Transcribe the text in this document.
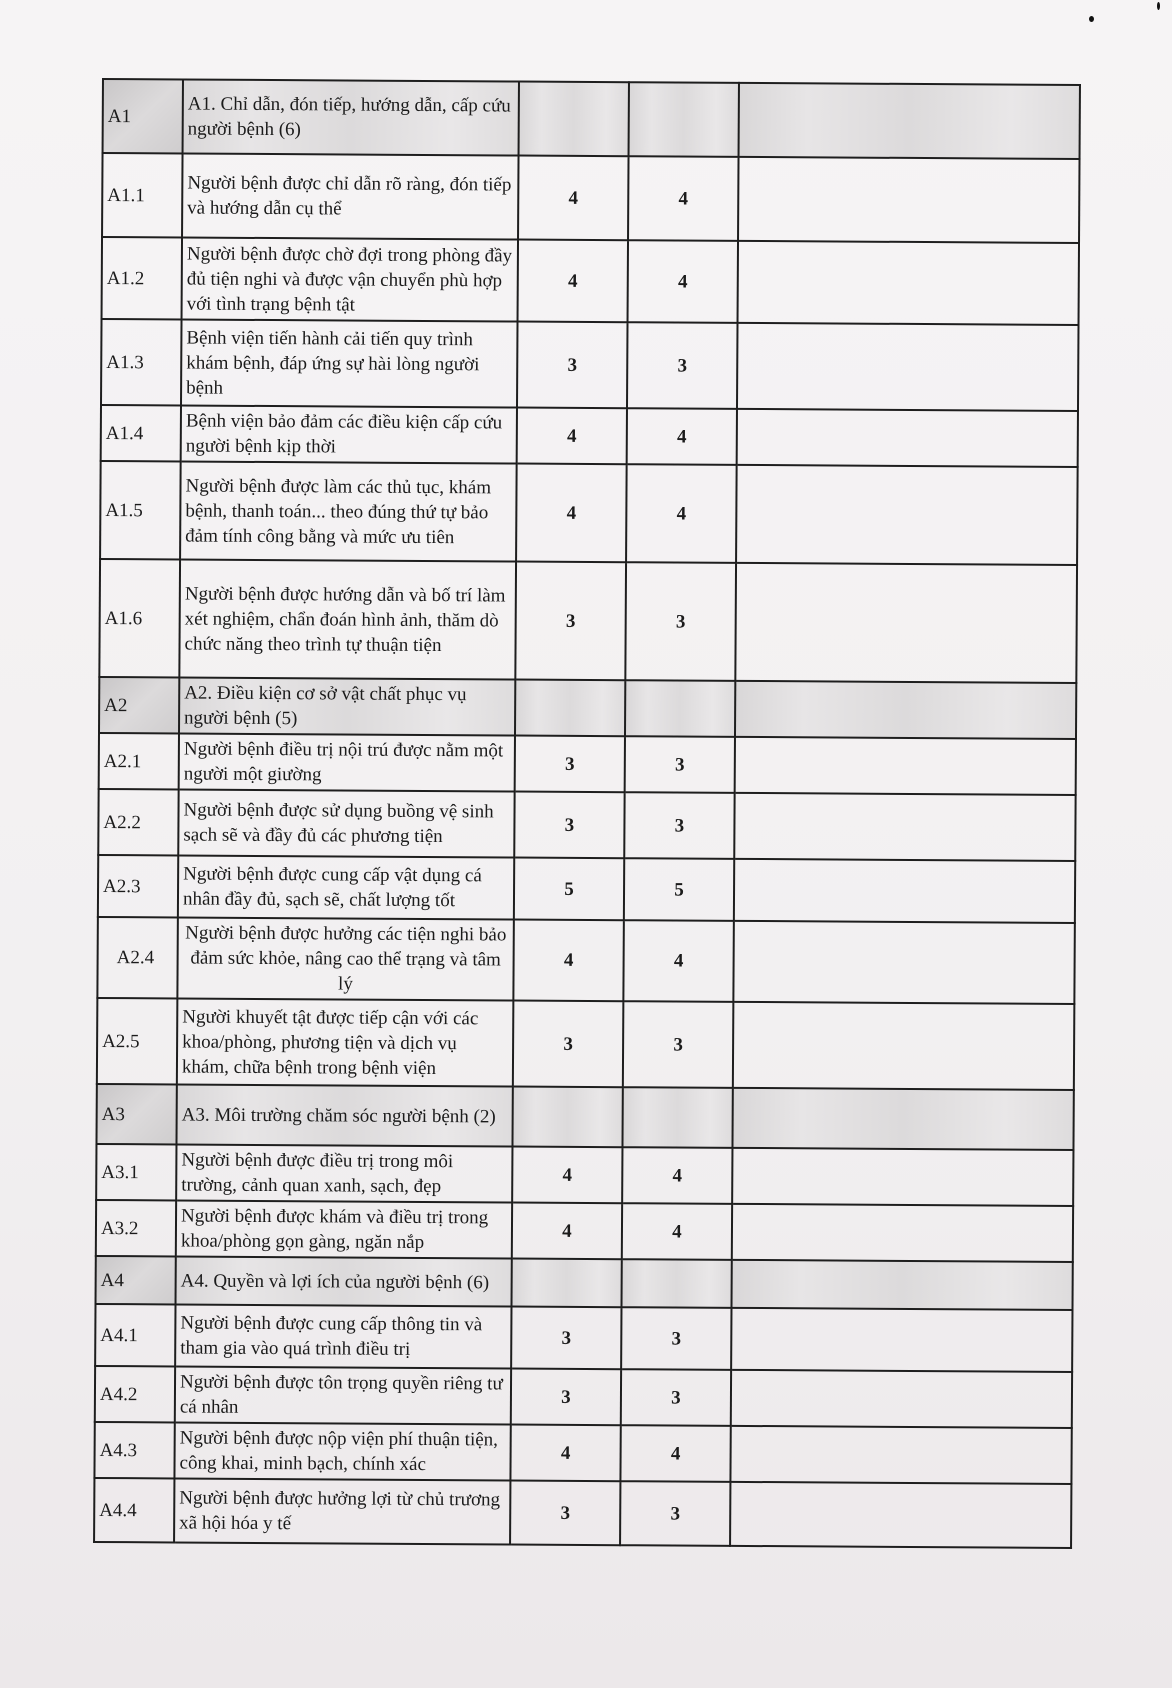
A1	A1. Chỉ dẫn, đón tiếp, hướng dẫn, cấp cứu người bệnh (6)			
A1.1	Người bệnh được chỉ dẫn rõ ràng, đón tiếp và hướng dẫn cụ thể	4	4	
A1.2	Người bệnh được chờ đợi trong phòng đầy đủ tiện nghi và được vận chuyển phù hợp với tình trạng bệnh tật	4	4	
A1.3	Bệnh viện tiến hành cải tiến quy trình khám bệnh, đáp ứng sự hài lòng người bệnh	3	3	
A1.4	Bệnh viện bảo đảm các điều kiện cấp cứu người bệnh kịp thời	4	4	
A1.5	Người bệnh được làm các thủ tục, khám bệnh, thanh toán... theo đúng thứ tự bảo đảm tính công bằng và mức ưu tiên	4	4	
A1.6	Người bệnh được hướng dẫn và bố trí làm xét nghiệm, chẩn đoán hình ảnh, thăm dò chức năng theo trình tự thuận tiện	3	3	
A2	A2. Điều kiện cơ sở vật chất phục vụ người bệnh (5)			
A2.1	Người bệnh điều trị nội trú được nằm một người một giường	3	3	
A2.2	Người bệnh được sử dụng buồng vệ sinh sạch sẽ và đầy đủ các phương tiện	3	3	
A2.3	Người bệnh được cung cấp vật dụng cá nhân đầy đủ, sạch sẽ, chất lượng tốt	5	5	
A2.4	Người bệnh được hưởng các tiện nghi bảo đảm sức khỏe, nâng cao thể trạng và tâm lý	4	4	
A2.5	Người khuyết tật được tiếp cận với các khoa/phòng, phương tiện và dịch vụ khám, chữa bệnh trong bệnh viện	3	3	
A3	A3. Môi trường chăm sóc người bệnh (2)			
A3.1	Người bệnh được điều trị trong môi trường, cảnh quan xanh, sạch, đẹp	4	4	
A3.2	Người bệnh được khám và điều trị trong khoa/phòng gọn gàng, ngăn nắp	4	4	
A4	A4. Quyền và lợi ích của người bệnh (6)			
A4.1	Người bệnh được cung cấp thông tin và tham gia vào quá trình điều trị	3	3	
A4.2	Người bệnh được tôn trọng quyền riêng tư cá nhân	3	3	
A4.3	Người bệnh được nộp viện phí thuận tiện, công khai, minh bạch, chính xác	4	4	
A4.4	Người bệnh được hưởng lợi từ chủ trương xã hội hóa y tế	3	3	
